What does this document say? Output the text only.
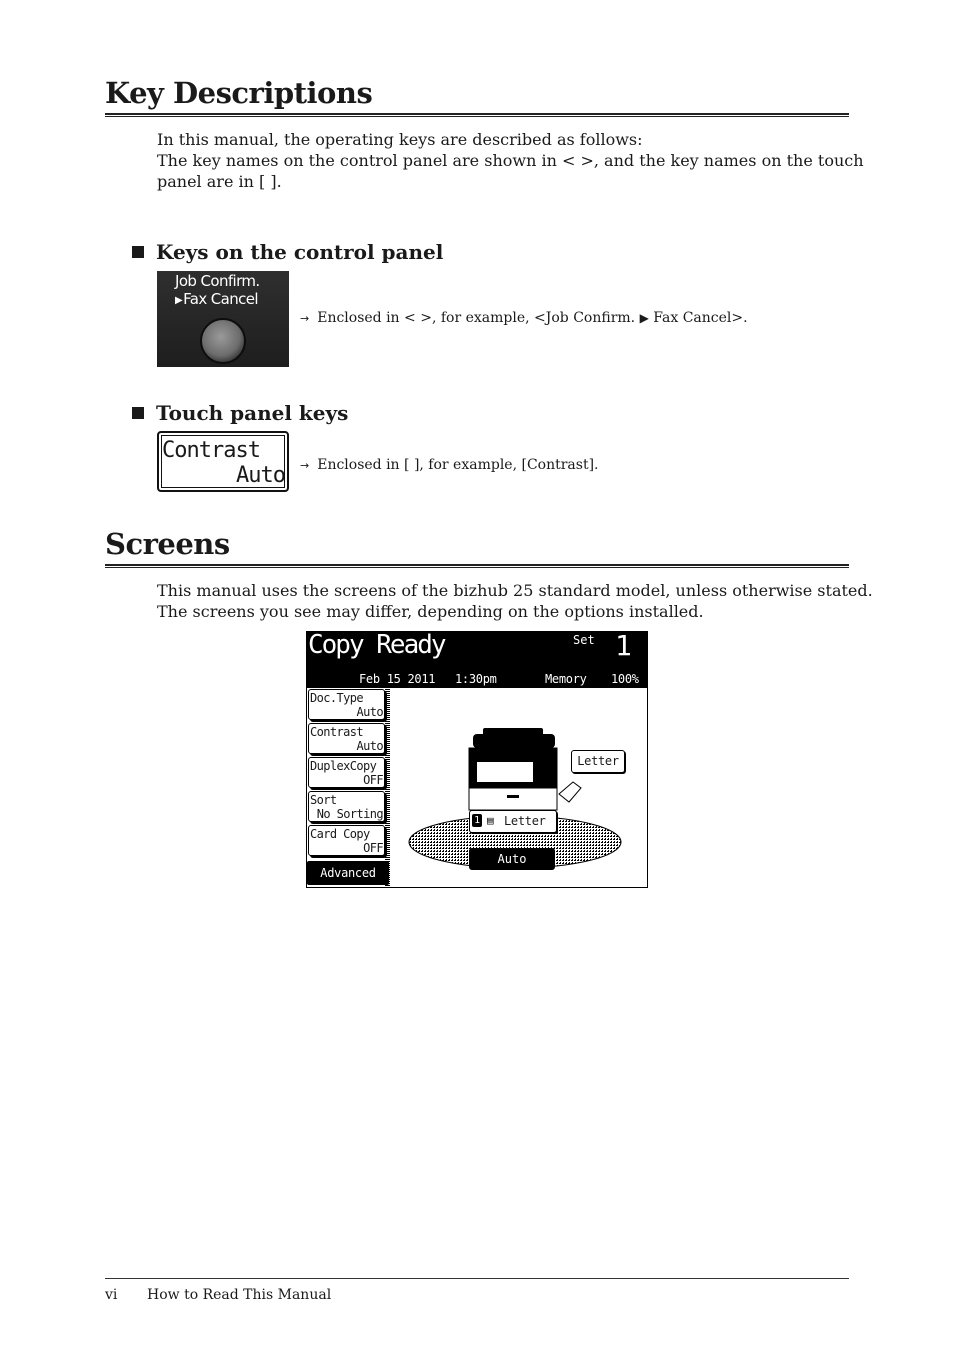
Key Descriptions
In this manual, the operating keys are described as follows:
The key names on the control panel are shown in < >, and the key names on the touch
panel are in [ ].
Keys on the control panel
Job Confirm.
▶Fax Cancel
→ Enclosed in < >, for example, <Job Confirm. ▶ Fax Cancel>.
Touch panel keys
Contrast
Auto → Enclosed in [ ], for example, [Contrast].
Screens
This manual uses the screens of the bizhub 25 standard model, unless otherwise stated.
The screens you see may differ, depending on the options installed.
Copy Ready	Set 1
Feb 15 2011 1:30pm	Memory 100%
Doc.Type
Auto
Contrast
Auto
DuplexCopy
OFF
Sort
No Sorting
Card Copy
OFF
Advanced
Letter
1 ▤ Letter
Auto
vi How to Read This Manual
